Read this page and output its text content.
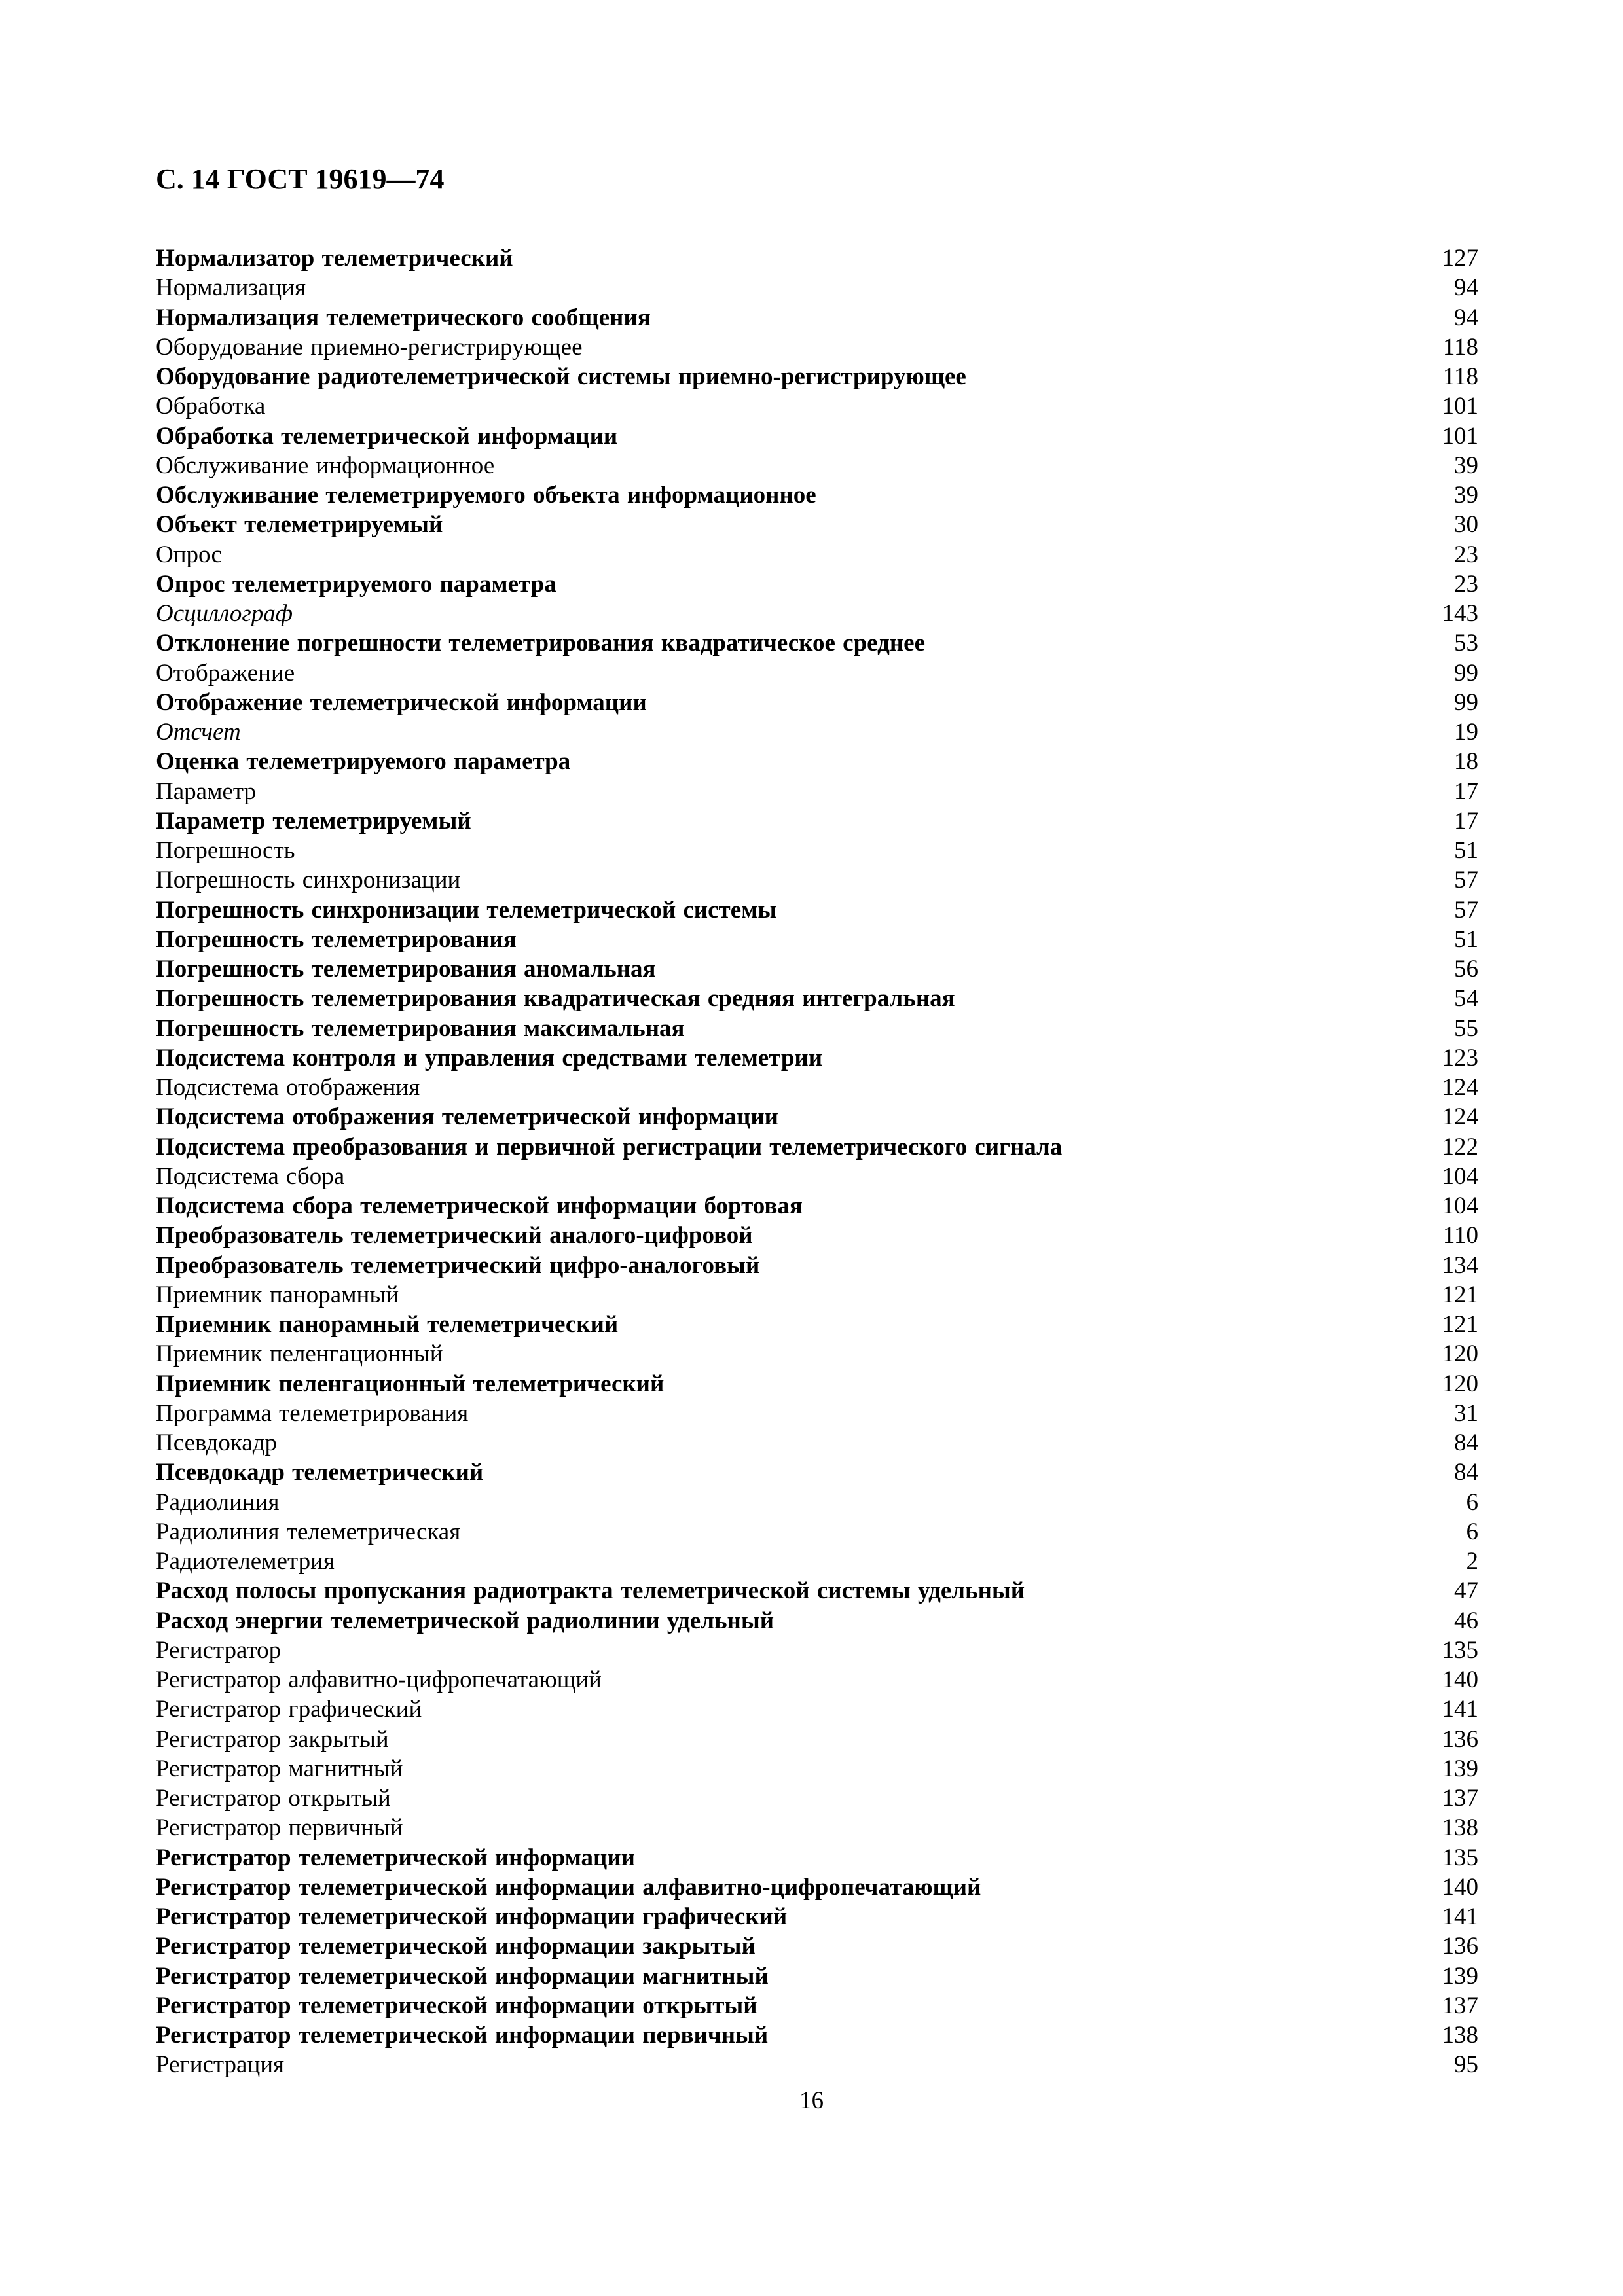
С. 14 ГОСТ 19619—74
Нормализатор телеметрический	127
Нормализация	94
Нормализация телеметрического сообщения	94
Оборудование приемно-регистрирующее	118
Оборудование радиотелеметрической системы приемно-регистрирующее	118
Обработка	101
Обработка телеметрической информации	101
Обслуживание информационное	39
Обслуживание телеметрируемого объекта информационное	39
Объект телеметрируемый	30
Опрос	23
Опрос телеметрируемого параметра	23
Осциллограф	143
Отклонение погрешности телеметрирования квадратическое среднее	53
Отображение	99
Отображение телеметрической информации	99
Отсчет	19
Оценка телеметрируемого параметра	18
Параметр	17
Параметр телеметрируемый	17
Погрешность	51
Погрешность синхронизации	57
Погрешность синхронизации телеметрической системы	57
Погрешность телеметрирования	51
Погрешность телеметрирования аномальная	56
Погрешность телеметрирования квадратическая средняя интегральная	54
Погрешность телеметрирования максимальная	55
Подсистема контроля и управления средствами телеметрии	123
Подсистема отображения	124
Подсистема отображения телеметрической информации	124
Подсистема преобразования и первичной регистрации телеметрического сигнала	122
Подсистема сбора	104
Подсистема сбора телеметрической информации бортовая	104
Преобразователь телеметрический аналого-цифровой	110
Преобразователь телеметрический цифро-аналоговый	134
Приемник панорамный	121
Приемник панорамный телеметрический	121
Приемник пеленгационный	120
Приемник пеленгационный телеметрический	120
Программа телеметрирования	31
Псевдокадр	84
Псевдокадр телеметрический	84
Радиолиния	6
Радиолиния телеметрическая	6
Радиотелеметрия	2
Расход полосы пропускания радиотракта телеметрической системы удельный	47
Расход энергии телеметрической радиолинии удельный	46
Регистратор	135
Регистратор алфавитно-цифропечатающий	140
Регистратор графический	141
Регистратор закрытый	136
Регистратор магнитный	139
Регистратор открытый	137
Регистратор первичный	138
Регистратор телеметрической информации	135
Регистратор телеметрической информации алфавитно-цифропечатающий	140
Регистратор телеметрической информации графический	141
Регистратор телеметрической информации закрытый	136
Регистратор телеметрической информации магнитный	139
Регистратор телеметрической информации открытый	137
Регистратор телеметрической информации первичный	138
Регистрация	95
16
